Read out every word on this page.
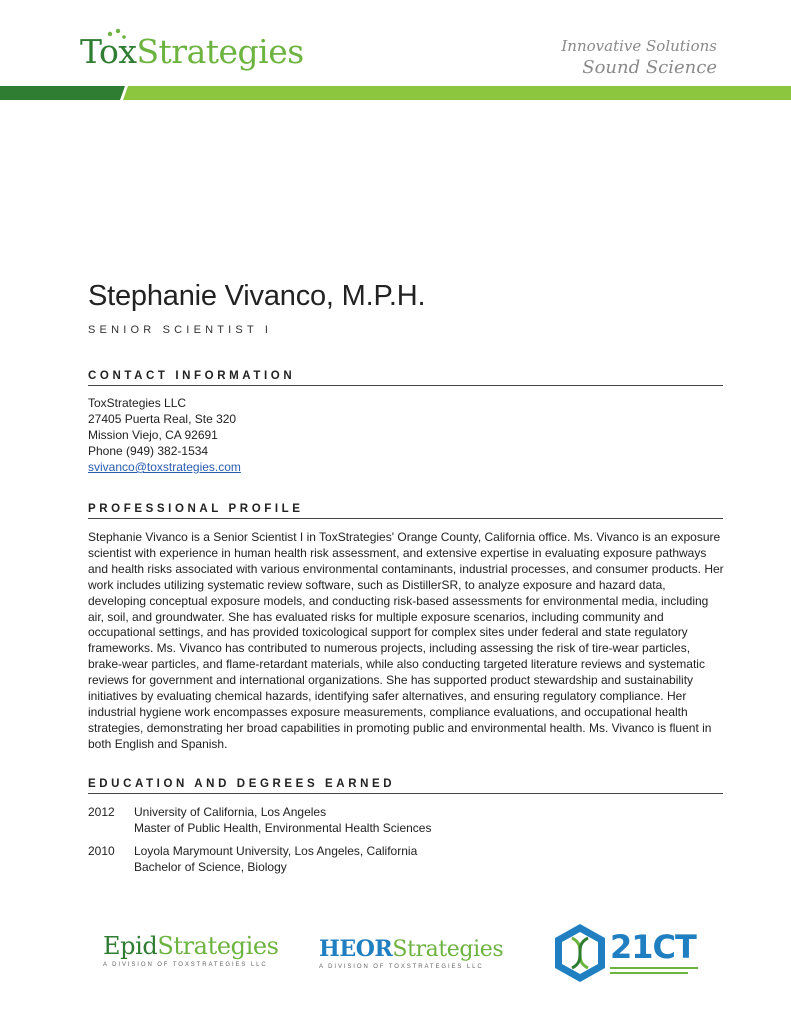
ToxStrategies	Innovative Solutions
Sound Science
Stephanie Vivanco, M.P.H.
SENIOR SCIENTIST I
CONTACT INFORMATION
ToxStrategies LLC
27405 Puerta Real, Ste 320
Mission Viejo, CA 92691
Phone (949) 382-1534
svivanco@toxstrategies.com
PROFESSIONAL PROFILE

Stephanie Vivanco is a Senior Scientist I in ToxStrategies' Orange County, California office. Ms. Vivanco is an exposure scientist with experience in human health risk assessment, and extensive expertise in evaluating exposure pathways and health risks associated with various environmental contaminants, industrial processes, and consumer products. Her work includes utilizing systematic review software, such as DistillerSR, to analyze exposure and hazard data, developing conceptual exposure models, and conducting risk-based assessments for environmental media, including air, soil, and groundwater. She has evaluated risks for multiple exposure scenarios, including community and occupational settings, and has provided toxicological support for complex sites under federal and state regulatory frameworks. Ms. Vivanco has contributed to numerous projects, including assessing the risk of tire-wear particles, brake-wear particles, and flame-retardant materials, while also conducting targeted literature reviews and systematic reviews for government and international organizations. She has supported product stewardship and sustainability initiatives by evaluating chemical hazards, identifying safer alternatives, and ensuring regulatory compliance. Her industrial hygiene work encompasses exposure measurements, compliance evaluations, and occupational health strategies, demonstrating her broad capabilities in promoting public and environmental health. Ms. Vivanco is fluent in both English and Spanish.

EDUCATION AND DEGREES EARNED
2012	University of California, Los Angeles
Master of Public Health, Environmental Health Sciences
2010	Loyola Marymount University, Los Angeles, California
Bachelor of Science, Biology
EpidStrategies
A DIVISION OF TOXSTRATEGIES LLC
HEORStrategies
A DIVISION OF TOXSTRATEGIES LLC
21CT
